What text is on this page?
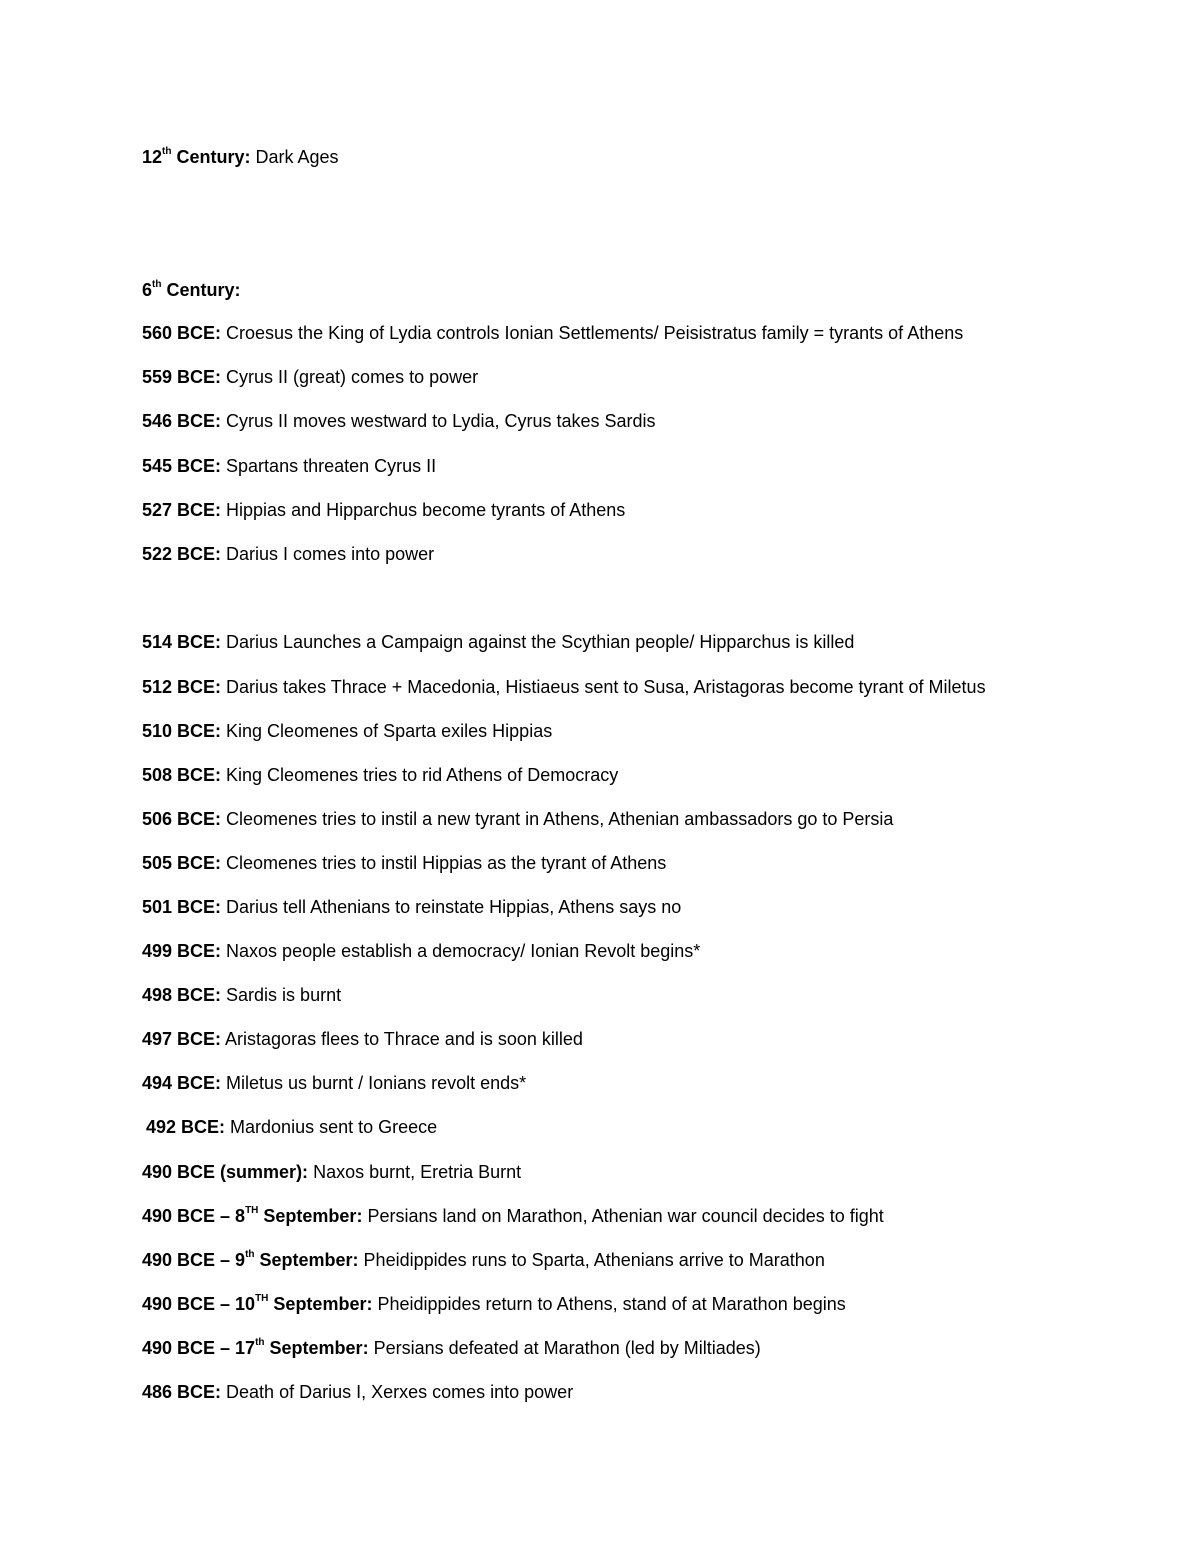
12th Century: Dark Ages
6th Century:
560 BCE: Croesus the King of Lydia controls Ionian Settlements/ Peisistratus family = tyrants of Athens
559 BCE: Cyrus II (great) comes to power
546 BCE: Cyrus II moves westward to Lydia, Cyrus takes Sardis
545 BCE: Spartans threaten Cyrus II
527 BCE: Hippias and Hipparchus become tyrants of Athens
522 BCE: Darius I comes into power
514 BCE: Darius Launches a Campaign against the Scythian people/ Hipparchus is killed
512 BCE: Darius takes Thrace + Macedonia, Histiaeus sent to Susa, Aristagoras become tyrant of Miletus
510 BCE: King Cleomenes of Sparta exiles Hippias
508 BCE: King Cleomenes tries to rid Athens of Democracy
506 BCE: Cleomenes tries to instil a new tyrant in Athens, Athenian ambassadors go to Persia
505 BCE: Cleomenes tries to instil Hippias as the tyrant of Athens
501 BCE: Darius tell Athenians to reinstate Hippias, Athens says no
499 BCE: Naxos people establish a democracy/ Ionian Revolt begins*
498 BCE: Sardis is burnt
497 BCE: Aristagoras flees to Thrace and is soon killed
494 BCE: Miletus us burnt / Ionians revolt ends*
492 BCE: Mardonius sent to Greece
490 BCE (summer): Naxos burnt, Eretria Burnt
490 BCE – 8TH September: Persians land on Marathon, Athenian war council decides to fight
490 BCE – 9th September: Pheidippides runs to Sparta, Athenians arrive to Marathon
490 BCE – 10TH September: Pheidippides return to Athens, stand of at Marathon begins
490 BCE – 17th September: Persians defeated at Marathon (led by Miltiades)
486 BCE: Death of Darius I, Xerxes comes into power
